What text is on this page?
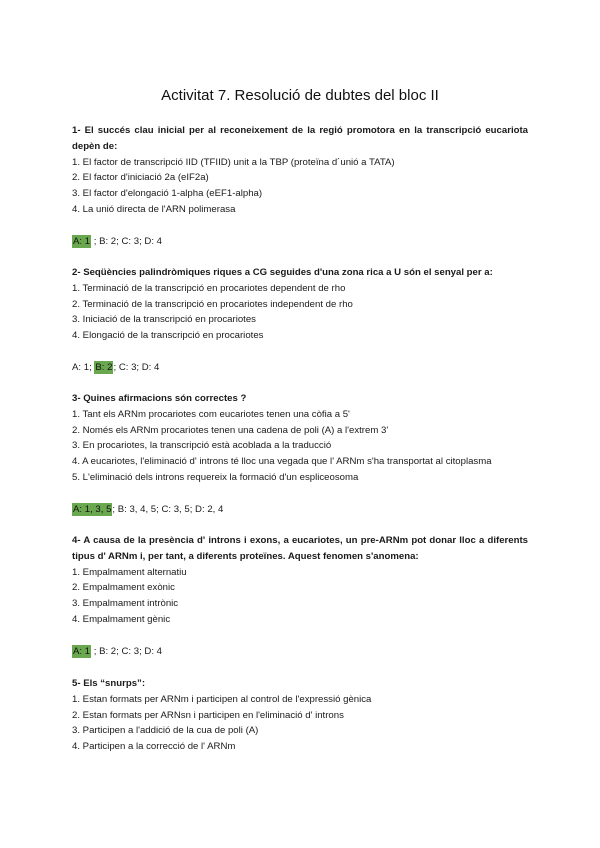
Activitat 7. Resolució de dubtes del bloc II
1- El succés clau inicial per al reconeixement de la regió promotora en la transcripció eucariota depèn de:
1. El factor de transcripció IID (TFIID) unit a la TBP (proteïna d´unió a TATA)
2. El factor d'iniciació 2a (eIF2a)
3. El factor d'elongació 1-alpha (eEF1-alpha)
4. La unió directa de l'ARN polimerasa
A: 1 ; B: 2; C: 3; D: 4
2- Seqüències palindròmiques riques a CG seguides d'una zona rica a U són el senyal per a:
1. Terminació de la transcripció en procariotes dependent de rho
2. Terminació de la transcripció en procariotes independent de rho
3. Iniciació de la transcripció en procariotes
4. Elongació de la transcripció en procariotes
A: 1; B: 2; C: 3; D: 4
3- Quines afirmacions són correctes ?
1. Tant els ARNm procariotes com eucariotes tenen una còfia a 5'
2. Només els ARNm procariotes tenen una cadena de poli (A) a l'extrem 3'
3. En procariotes, la transcripció està acoblada a la traducció
4. A eucariotes, l'eliminació d' introns té lloc una vegada que l' ARNm s'ha transportat al citoplasma
5. L'eliminació dels introns requereix la formació d'un espliceosoma
A: 1, 3, 5; B: 3, 4, 5; C: 3, 5; D: 2, 4
4- A causa de la presència d' introns i exons, a eucariotes, un pre-ARNm pot donar lloc a diferents tipus d' ARNm i, per tant, a diferents proteïnes. Aquest fenomen s'anomena:
1. Empalmament alternatiu
2. Empalmament exònic
3. Empalmament intrònic
4. Empalmament gènic
A: 1 ; B: 2; C: 3; D: 4
5- Els “snurps”:
1. Estan formats per ARNm i participen al control de l'expressió gènica
2. Estan formats per ARNsn i participen en l'eliminació d' introns
3. Participen a l'addició de la cua de poli (A)
4. Participen a la correcció de l' ARNm
